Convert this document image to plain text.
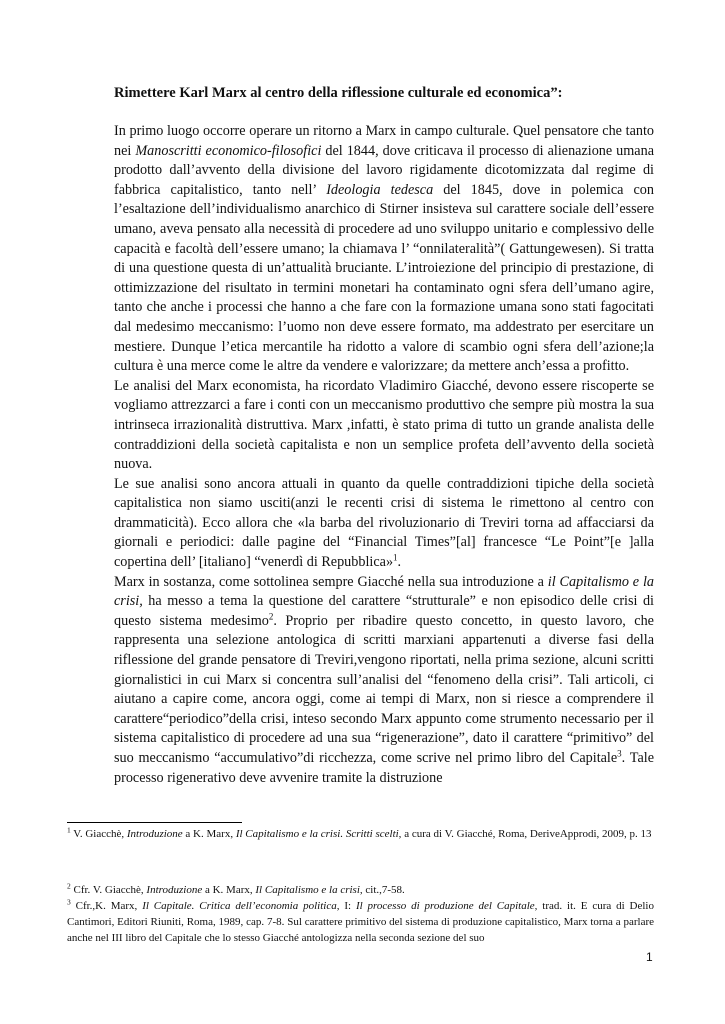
Rimettere Karl Marx al centro della riflessione culturale ed economica”:

In primo luogo occorre operare un ritorno a Marx in campo culturale. Quel pensatore che tanto nei Manoscritti economico-filosofici del 1844, dove criticava il processo di alienazione umana prodotto dall’avvento della divisione del lavoro rigidamente dicotomizzata dal regime di fabbrica capitalistico, tanto nell’ Ideologia tedesca del 1845, dove in polemica con l’esaltazione dell’individualismo anarchico di Stirner insisteva sul carattere sociale dell’essere umano, aveva pensato alla necessità di procedere ad uno sviluppo unitario e complessivo delle capacità e facoltà dell’essere umano; la chiamava l’ “onnilateralità”( Gattungewesen). Si tratta di una questione questa di un’attualità bruciante. L’introiezione del principio di prestazione, di ottimizzazione del risultato in termini monetari ha contaminato ogni sfera dell’umano agire, tanto che anche i processi che hanno a che fare con la formazione umana sono stati fagocitati dal medesimo meccanismo: l’uomo non deve essere formato, ma addestrato per esercitare un mestiere. Dunque l’etica mercantile ha ridotto a valore di scambio ogni sfera dell’azione;la cultura è una merce come le altre da vendere e valorizzare; da mettere anch’essa a profitto.

Le analisi del Marx economista, ha ricordato Vladimiro Giacché, devono essere riscoperte se vogliamo attrezzarci a fare i conti con un meccanismo produttivo che sempre più mostra la sua intrinseca irrazionalità distruttiva. Marx ,infatti, è stato prima di tutto un grande analista delle contraddizioni della società capitalista e non un semplice profeta dell’avvento della società nuova.

Le sue analisi sono ancora attuali in quanto da quelle contraddizioni tipiche della società capitalistica non siamo usciti(anzi le recenti crisi di sistema le rimettono al centro con drammaticità). Ecco allora che «la barba del rivoluzionario di Treviri torna ad affacciarsi da giornali e periodici: dalle pagine del “Financial Times”[al] francesce “Le Point”[e ]alla copertina dell’ [italiano] “venerdì di Repubblica»$^1$.

Marx in sostanza, come sottolinea sempre Giacché nella sua introduzione a il Capitalismo e la crisi, ha messo a tema la questione del carattere “strutturale” e non episodico delle crisi di questo sistema medesimo$^2$. Proprio per ribadire questo concetto, in questo lavoro, che rappresenta una selezione antologica di scritti marxiani appartenuti a diverse fasi della riflessione del grande pensatore di Treviri,vengono riportati, nella prima sezione, alcuni scritti giornalistici in cui Marx si concentra sull’analisi del “fenomeno della crisi”. Tali articoli, ci aiutano a capire come, ancora oggi, come ai tempi di Marx, non si riesce a comprendere il carattere“periodico”della crisi, inteso secondo Marx appunto come strumento necessario per il sistema capitalistico di procedere ad una sua “rigenerazione”, dato il carattere “primitivo” del suo meccanismo “accumulativo”di ricchezza, come scrive nel primo libro del Capitale$^3$. Tale processo rigenerativo deve avvenire tramite la distruzione

$^1$ V. Giacchè, Introduzione a K. Marx, Il Capitalismo e la crisi. Scritti scelti, a cura di V. Giacché, Roma, DeriveApprodi, 2009, p. 13
$^2$ Cfr. V. Giacchè, Introduzione a K. Marx, Il Capitalismo e la crisi, cit.,7-58.
$^3$ Cfr.,K. Marx, Il Capitale. Critica dell’economia politica, I: Il processo di produzione del Capitale, trad. it. E cura di Delio Cantimori, Editori Riuniti, Roma, 1989, cap. 7-8. Sul carattere primitivo del sistema di produzione capitalistico, Marx torna a parlare anche nel III libro del Capitale che lo stesso Giacché antologizza nella seconda sezione del suo
1
